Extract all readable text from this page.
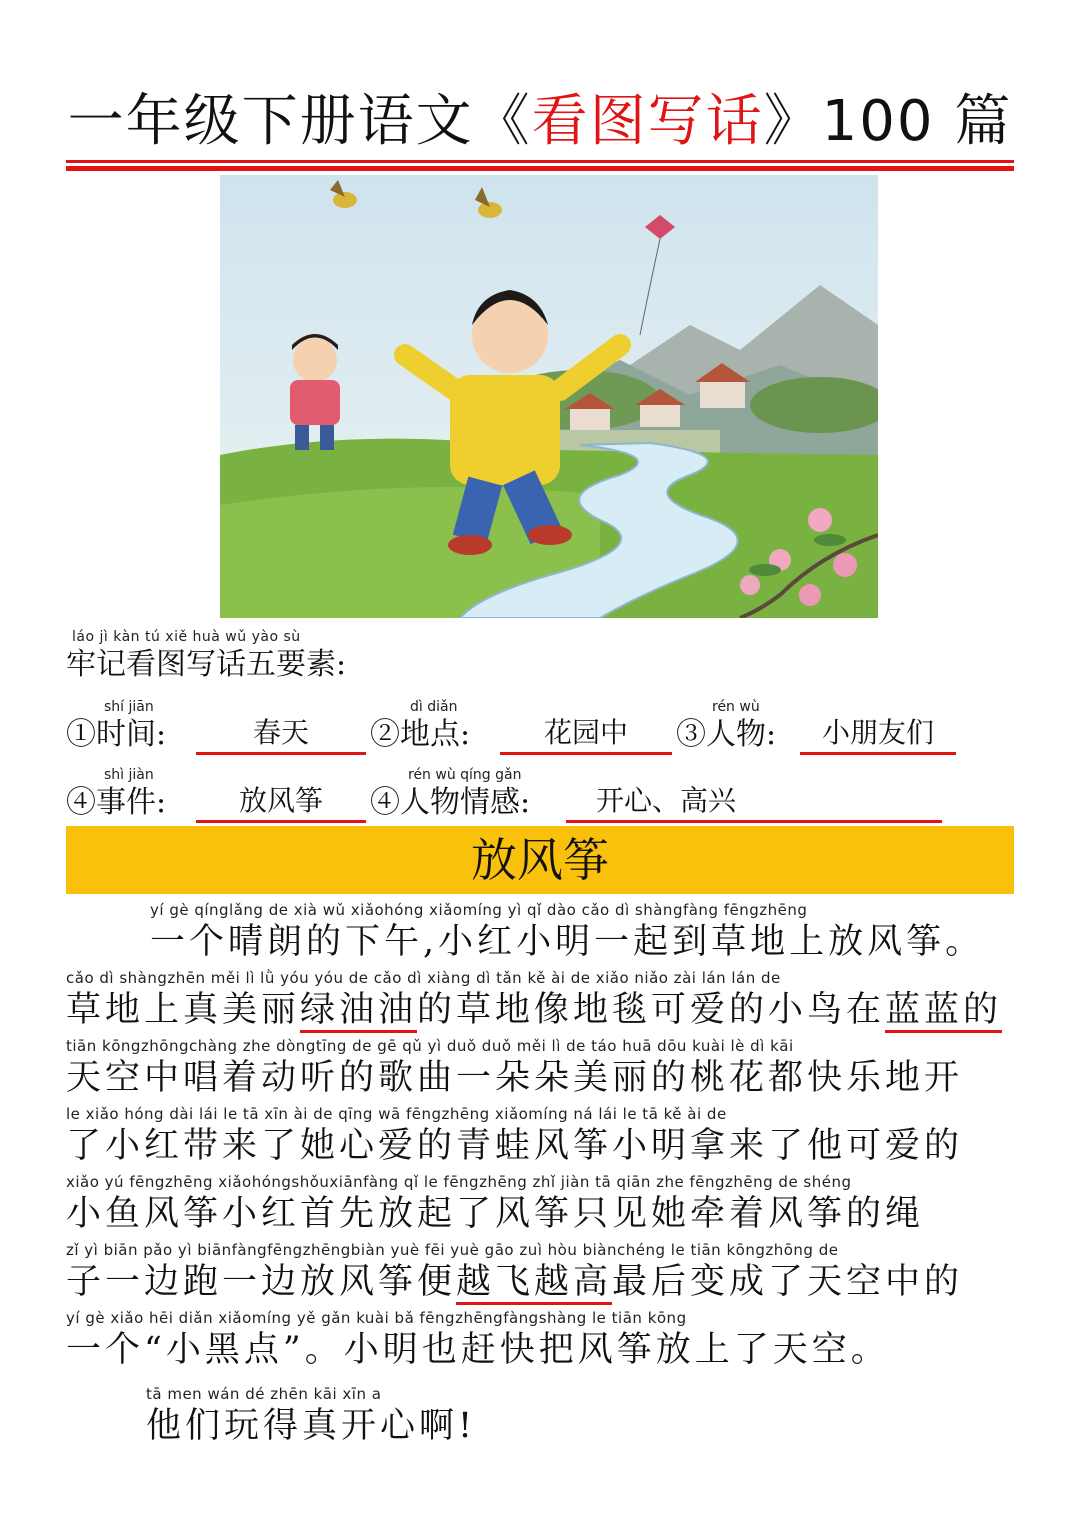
一年级下册语文《看图写话》100 篇
láo jì kàn tú xiě huà wǔ yào sù
牢记看图写话五要素:
shí jiān
①时间:	春天
dì diǎn
②地点:	花园中
rén wù
③人物:	小朋友们
shì jiàn
④事件:	放风筝
rén wù qíng gǎn
④人物情感:	开心、高兴
放风筝
yí gè qínglǎng de xià wǔ xiǎohóng xiǎomíng yì qǐ dào cǎo dì shàngfàng fēngzhēng
一个晴朗的下午,小红小明一起到草地上放风筝。
cǎo dì shàngzhēn měi lì lǜ yóu yóu de cǎo dì xiàng dì tǎn kě ài de xiǎo niǎo zài lán lán de
草地上真美丽绿油油的草地像地毯可爱的小鸟在蓝蓝的
tiān kōngzhōngchàng zhe dòngtīng de gē qǔ yì duǒ duǒ měi lì de táo huā dōu kuài lè dì kāi
天空中唱着动听的歌曲一朵朵美丽的桃花都快乐地开
le xiǎo hóng dài lái le tā xīn ài de qīng wā fēngzhēng xiǎomíng ná lái le tā kě ài de
了小红带来了她心爱的青蛙风筝小明拿来了他可爱的
xiǎo yú fēngzhēng xiǎohóngshǒuxiānfàng qǐ le fēngzhēng zhǐ jiàn tā qiān zhe fēngzhēng de shéng
小鱼风筝小红首先放起了风筝只见她牵着风筝的绳
zǐ yì biān pǎo yì biānfàngfēngzhēngbiàn yuè fēi yuè gāo zuì hòu biànchéng le tiān kōngzhōng de
子一边跑一边放风筝便越飞越高最后变成了天空中的
yí gè xiǎo hēi diǎn xiǎomíng yě gǎn kuài bǎ fēngzhēngfàngshàng le tiān kōng
一个“小黑点”。小明也赶快把风筝放上了天空。
tā men wán dé zhēn kāi xīn a
他们玩得真开心啊!
